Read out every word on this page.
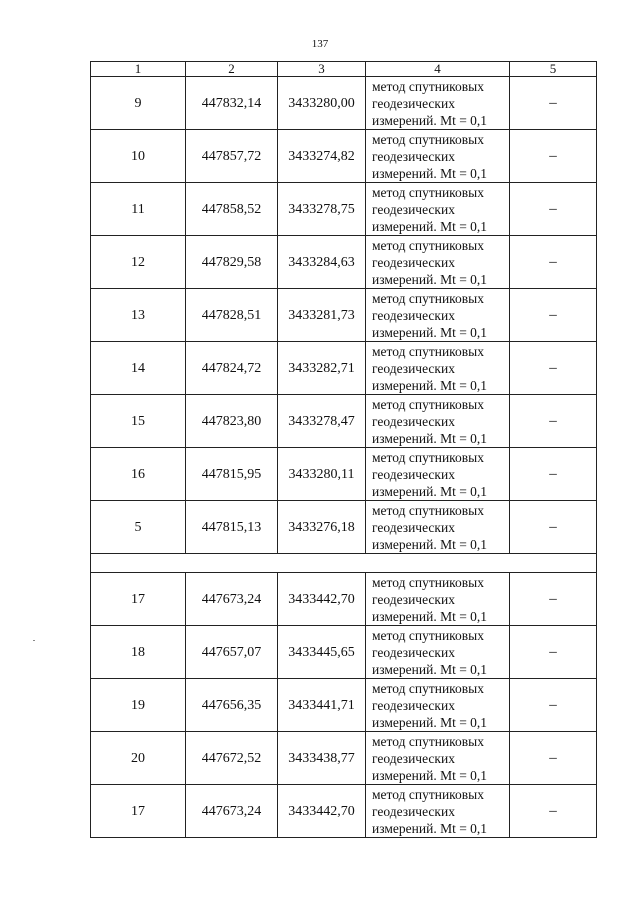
137
1	2	3	4	5
9	447832,14	3433280,00	метод спутниковых
геодезических
измерений. Mt = 0,1	–
10	447857,72	3433274,82	метод спутниковых
геодезических
измерений. Mt = 0,1	–
11	447858,52	3433278,75	метод спутниковых
геодезических
измерений. Mt = 0,1	–
12	447829,58	3433284,63	метод спутниковых
геодезических
измерений. Mt = 0,1	–
13	447828,51	3433281,73	метод спутниковых
геодезических
измерений. Mt = 0,1	–
14	447824,72	3433282,71	метод спутниковых
геодезических
измерений. Mt = 0,1	–
15	447823,80	3433278,47	метод спутниковых
геодезических
измерений. Mt = 0,1	–
16	447815,95	3433280,11	метод спутниковых
геодезических
измерений. Mt = 0,1	–
5	447815,13	3433276,18	метод спутниковых
геодезических
измерений. Mt = 0,1	–

17	447673,24	3433442,70	метод спутниковых
геодезических
измерений. Mt = 0,1	–
18	447657,07	3433445,65	метод спутниковых
геодезических
измерений. Mt = 0,1	–
19	447656,35	3433441,71	метод спутниковых
геодезических
измерений. Mt = 0,1	–
20	447672,52	3433438,77	метод спутниковых
геодезических
измерений. Mt = 0,1	–
17	447673,24	3433442,70	метод спутниковых
геодезических
измерений. Mt = 0,1	–
